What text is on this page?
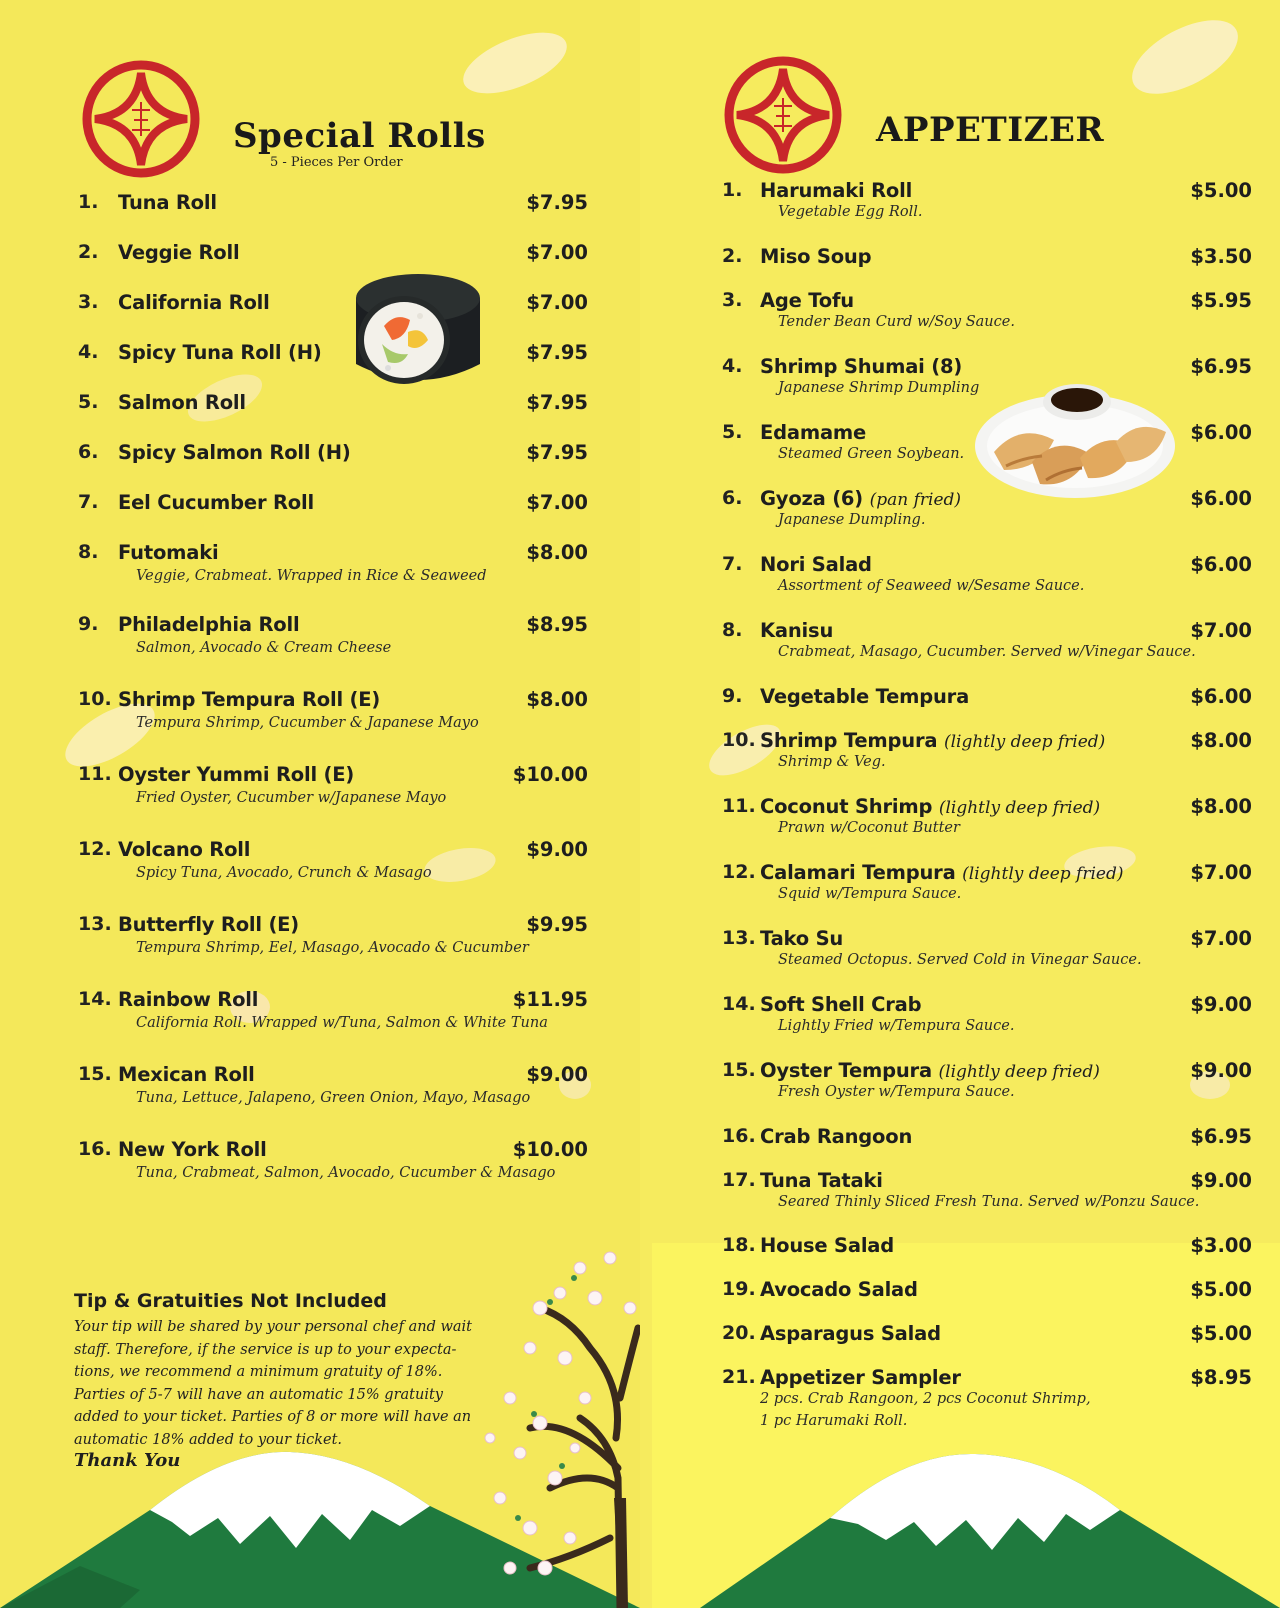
Special Rolls
5 - Pieces Per Order
1. Tuna Roll	$7.95
2. Veggie Roll	$7.00
3. California Roll	$7.00
4. Spicy Tuna Roll (H)	$7.95
5. Salmon Roll	$7.95
6. Spicy Salmon Roll (H)	$7.95
7. Eel Cucumber Roll	$7.00
8. Futomaki	$8.00
Veggie, Crabmeat. Wrapped in Rice & Seaweed
9. Philadelphia Roll	$8.95
Salmon, Avocado & Cream Cheese
10. Shrimp Tempura Roll (E)	$8.00
Tempura Shrimp, Cucumber & Japanese Mayo
11. Oyster Yummi Roll (E)	$10.00
Fried Oyster, Cucumber w/Japanese Mayo
12. Volcano Roll	$9.00
Spicy Tuna, Avocado, Crunch & Masago
13. Butterfly Roll (E)	$9.95
Tempura Shrimp, Eel, Masago, Avocado & Cucumber
14. Rainbow Roll	$11.95
California Roll. Wrapped w/Tuna, Salmon & White Tuna
15. Mexican Roll	$9.00
Tuna, Lettuce, Jalapeno, Green Onion, Mayo, Masago
16. New York Roll	$10.00
Tuna, Crabmeat, Salmon, Avocado, Cucumber & Masago
Tip & Gratuities Not Included
Your tip will be shared by your personal chef and wait
staff. Therefore, if the service is up to your expecta-
tions, we recommend a minimum gratuity of 18%.
Parties of 5-7 will have an automatic 15% gratuity
added to your ticket. Parties of 8 or more will have an
automatic 18% added to your ticket.
Thank You
APPETIZER
1. Harumaki Roll	$5.00
Vegetable Egg Roll.
2. Miso Soup	$3.50
3. Age Tofu	$5.95
Tender Bean Curd w/Soy Sauce.
4. Shrimp Shumai (8)	$6.95
Japanese Shrimp Dumpling
5. Edamame	$6.00
Steamed Green Soybean.
6. Gyoza (6) (pan fried)	$6.00
Japanese Dumpling.
7. Nori Salad	$6.00
Assortment of Seaweed w/Sesame Sauce.
8. Kanisu	$7.00
Crabmeat, Masago, Cucumber. Served w/Vinegar Sauce.
9. Vegetable Tempura	$6.00
10. Shrimp Tempura (lightly deep fried)	$8.00
Shrimp & Veg.
11. Coconut Shrimp (lightly deep fried)	$8.00
Prawn w/Coconut Butter
12. Calamari Tempura (lightly deep fried)	$7.00
Squid w/Tempura Sauce.
13. Tako Su	$7.00
Steamed Octopus. Served Cold in Vinegar Sauce.
14. Soft Shell Crab	$9.00
Lightly Fried w/Tempura Sauce.
15. Oyster Tempura (lightly deep fried)	$9.00
Fresh Oyster w/Tempura Sauce.
16. Crab Rangoon	$6.95
17. Tuna Tataki	$9.00
Seared Thinly Sliced Fresh Tuna. Served w/Ponzu Sauce.
18. House Salad	$3.00
19. Avocado Salad	$5.00
20. Asparagus Salad	$5.00
21. Appetizer Sampler	$8.95
2 pcs. Crab Rangoon, 2 pcs Coconut Shrimp,
1 pc Harumaki Roll.
